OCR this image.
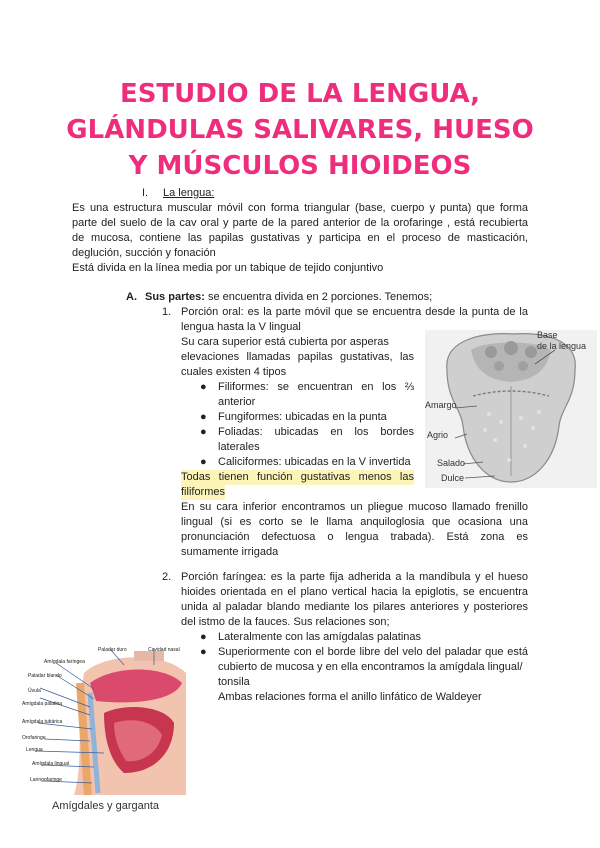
ESTUDIO DE LA LENGUA,
GLÁNDULAS SALIVARES, HUESO
Y MÚSCULOS HIOIDEOS
I. La lengua:
Es una estructura muscular móvil con forma triangular (base, cuerpo y punta) que forma
parte del suelo de la cav oral y parte de la pared anterior de la orofaringe , está recubierta
de mucosa, contiene las papilas gustativas y participa en el proceso de masticación,
deglución, succión y fonación
Está divida en la línea media por un tabique de tejido conjuntivo
A. Sus partes: se encuentra divida en 2 porciones. Tenemos;
1. Porción oral: es la parte móvil que se encuentra desde la punta de la
lengua hasta la V lingual
Su cara superior está cubierta por asperas
elevaciones llamadas papilas gustativas, las
cuales existen 4 tipos
● Filiformes: se encuentran en los ⅔
anterior
● Fungiformes: ubicadas en la punta
● Foliadas: ubicadas en los bordes
laterales
● Caliciformes: ubicadas en la V invertida
Todas tienen función gustativas menos las
filiformes
En su cara inferior encontramos un pliegue mucoso llamado frenillo
lingual (si es corto se le llama anquiloglosia que ocasiona una
pronunciación defectuosa o lengua trabada). Está zona es
sumamente irrigada
Base
de la lengua
Amargo
Agrio
Salado
Dulce
2. Porción faríngea: es la parte fija adherida a la mandíbula y el hueso
hioides orientada en el plano vertical hacia la epiglotis, se encuentra
unida al paladar blando mediante los pilares anteriores y posteriores
del istmo de la fauces. Sus relaciones son;
● Lateralmente con las amígdalas palatinas
● Superiormente con el borde libre del velo del paladar que está
cubierto de mucosa y en ella encontramos la amígdala lingual/
tonsila
Ambas relaciones forma el anillo linfático de Waldeyer
Paladar duro	Cavidad nasal
Amígdala faríngea
Paladar blando
Úvula
Amígdala palatina
Amígdala tubárica
Orofaringe
Lengua
Amígdala lingual
Laringofaringe
Amígdales y garganta
